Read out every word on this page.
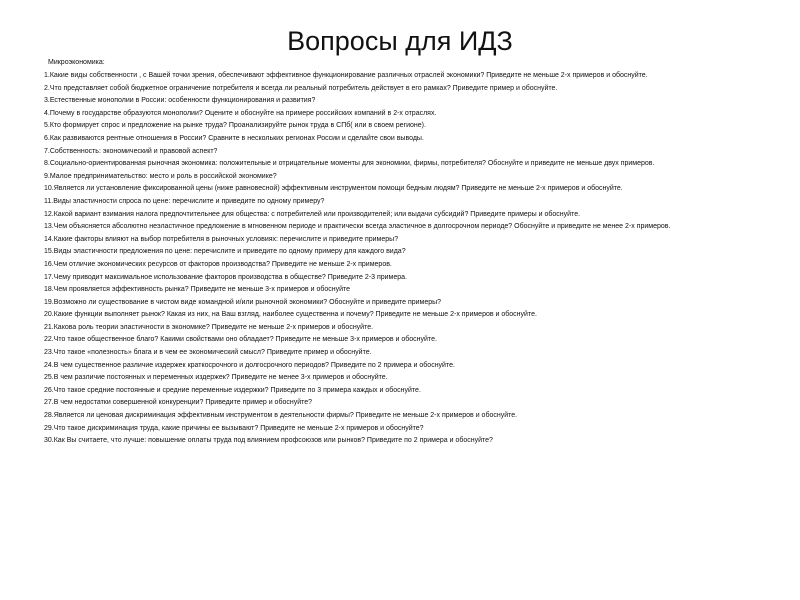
Вопросы для ИДЗ

Микроэкономика:

1. Какие виды собственности , с Вашей точки зрения, обеспечивают эффективное функционирование различных отраслей экономики? Приведите не меньше 2-х примеров и обоснуйте.
2. Что представляет собой бюджетное ограничение потребителя и всегда ли реальный потребитель действует в его рамках? Приведите пример и обоснуйте.
3. Естественные монополии в России: особенности функционирования и развития?
4. Почему в государстве образуются монополии? Оцените и обоснуйте на примере российских компаний в 2-х отраслях.
5. Кто формирует спрос и предложение на рынке труда? Проанализируйте рынок труда в СПб( или в своем регионе).
6. Как развиваются рентные отношения в России? Сравните в нескольких регионах России и сделайте свои выводы.
7. Собственность: экономический и правовой аспект?
8. Социально-ориентированная рыночная экономика: положительные и отрицательные моменты для экономики, фирмы, потребителя? Обоснуйте и приведите не меньше двух примеров.
9. Малое предпринимательство: место и роль в российской экономике?
10. Является ли установление фиксированной цены (ниже равновесной) эффективным инструментом помощи бедным людям? Приведите не меньше 2-х примеров и обоснуйте.
11. Виды эластичности спроса по цене: перечислите и приведите по одному примеру?
12. Какой вариант взимания налога предпочтительнее для общества: с потребителей или производителей; или выдачи субсидий? Приведите примеры и обоснуйте.
13. Чем объясняется абсолютно неэластичное предложение в мгновенном периоде и практически всегда эластичное в долгосрочном периоде? Обоснуйте и приведите не менее 2-х примеров.
14. Какие факторы влияют на выбор потребителя в рыночных условиях: перечислите и приведите примеры?
15. Виды эластичности предложения по цене: перечислите и приведите по одному примеру для каждого вида?
16. Чем отличие экономических ресурсов от факторов производства? Приведите не меньше 2-х примеров.
17. Чему приводит максимальное использование факторов производства в обществе? Приведите 2-3 примера.
18. Чем проявляется эффективность рынка? Приведите не меньше 3-х примеров и обоснуйте
19. Возможно ли существование в чистом виде командной и/или рыночной экономики? Обоснуйте и приведите примеры?
20. Какие функции выполняет рынок? Какая из них, на Ваш взгляд, наиболее существенна и почему? Приведите не меньше 2-х примеров и обоснуйте.
21. Какова роль теории эластичности в экономике? Приведите не меньше 2-х примеров и обоснуйте.
22. Что такое общественное благо? Какими свойствами оно обладает? Приведите не меньше 3-х примеров и обоснуйте.
23. Что такое «полезность» блага и в чем ее экономический смысл? Приведите пример и обоснуйте.
24. В чем существенное различие издержек краткосрочного и долгосрочного периодов? Приведите по 2 примера и обоснуйте.
25. В чем различие постоянных и переменных издержек? Приведите не менее 3-х примеров и обоснуйте.
26. Что такое средние постоянные и средние переменные издержки? Приведите по 3 примера каждых и обоснуйте.
27. В чем недостатки совершенной конкуренции? Приведите пример и обоснуйте?
28. Является ли ценовая дискриминация эффективным инструментом в деятельности фирмы? Приведите не меньше 2-х примеров и обоснуйте.
29. Что такое дискриминация труда, какие причины ее вызывают? Приведите не меньше 2-х примеров и обоснуйте?
30. Как Вы считаете, что лучше: повышение оплаты труда под влиянием профсоюзов или рынков? Приведите по 2 примера и обоснуйте?
